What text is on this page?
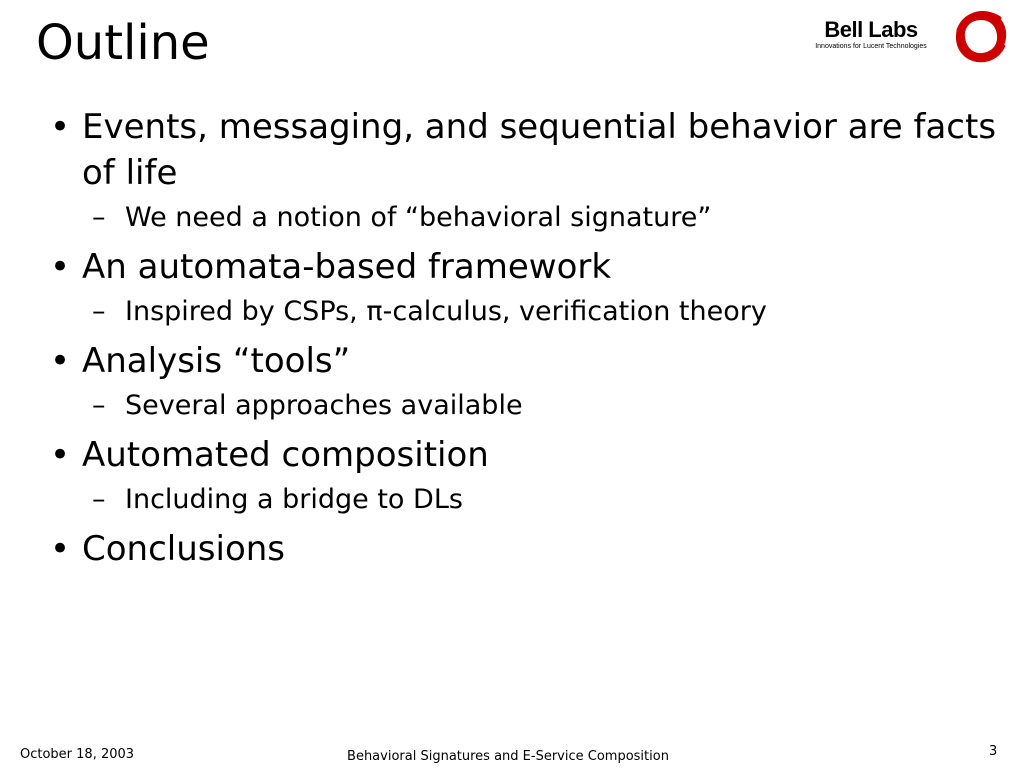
Outline	Bell Labs
Innovations for Lucent Technologies
• Events, messaging, and sequential behavior are facts of life
– We need a notion of “behavioral signature”
• An automata-based framework
– Inspired by CSPs, π-calculus, verification theory
• Analysis “tools”
– Several approaches available
• Automated composition
– Including a bridge to DLs
• Conclusions
October 18, 2003	Behavioral Signatures and E-Service Composition	3
